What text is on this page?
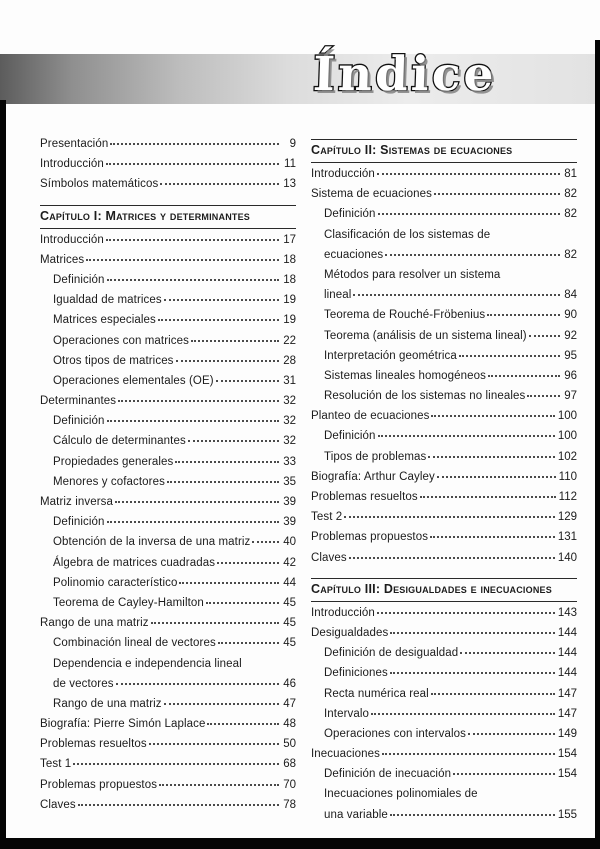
Índice
Presentación	9
Introducción	11
Símbolos matemáticos	13
Capítulo I: Matrices y determinantes
Introducción	17
Matrices	18
Definición	18
Igualdad de matrices	19
Matrices especiales	19
Operaciones con matrices	22
Otros tipos de matrices	28
Operaciones elementales (OE)	31
Determinantes	32
Definición	32
Cálculo de determinantes	32
Propiedades generales	33
Menores y cofactores	35
Matriz inversa	39
Definición	39
Obtención de la inversa de una matriz	40
Álgebra de matrices cuadradas	42
Polinomio característico	44
Teorema de Cayley-Hamilton	45
Rango de una matriz	45
Combinación lineal de vectores	45
Dependencia e independencia lineal
de vectores	46
Rango de una matriz	47
Biografía: Pierre Simón Laplace	48
Problemas resueltos	50
Test 1	68
Problemas propuestos	70
Claves	78
Capítulo II: Sistemas de ecuaciones
Introducción	81
Sistema de ecuaciones	82
Definición	82
Clasificación de los sistemas de
ecuaciones	82
Métodos para resolver un sistema
lineal	84
Teorema de Rouché-Fröbenius	90
Teorema (análisis de un sistema lineal)	92
Interpretación geométrica	95
Sistemas lineales homogéneos	96
Resolución de los sistemas no lineales	97
Planteo de ecuaciones	100
Definición	100
Tipos de problemas	102
Biografía: Arthur Cayley	110
Problemas resueltos	112
Test 2	129
Problemas propuestos	131
Claves	140
Capítulo III: Desigualdades e inecuaciones
Introducción	143
Desigualdades	144
Definición de desigualdad	144
Definiciones	144
Recta numérica real	147
Intervalo	147
Operaciones con intervalos	149
Inecuaciones	154
Definición de inecuación	154
Inecuaciones polinomiales de
una variable	155
